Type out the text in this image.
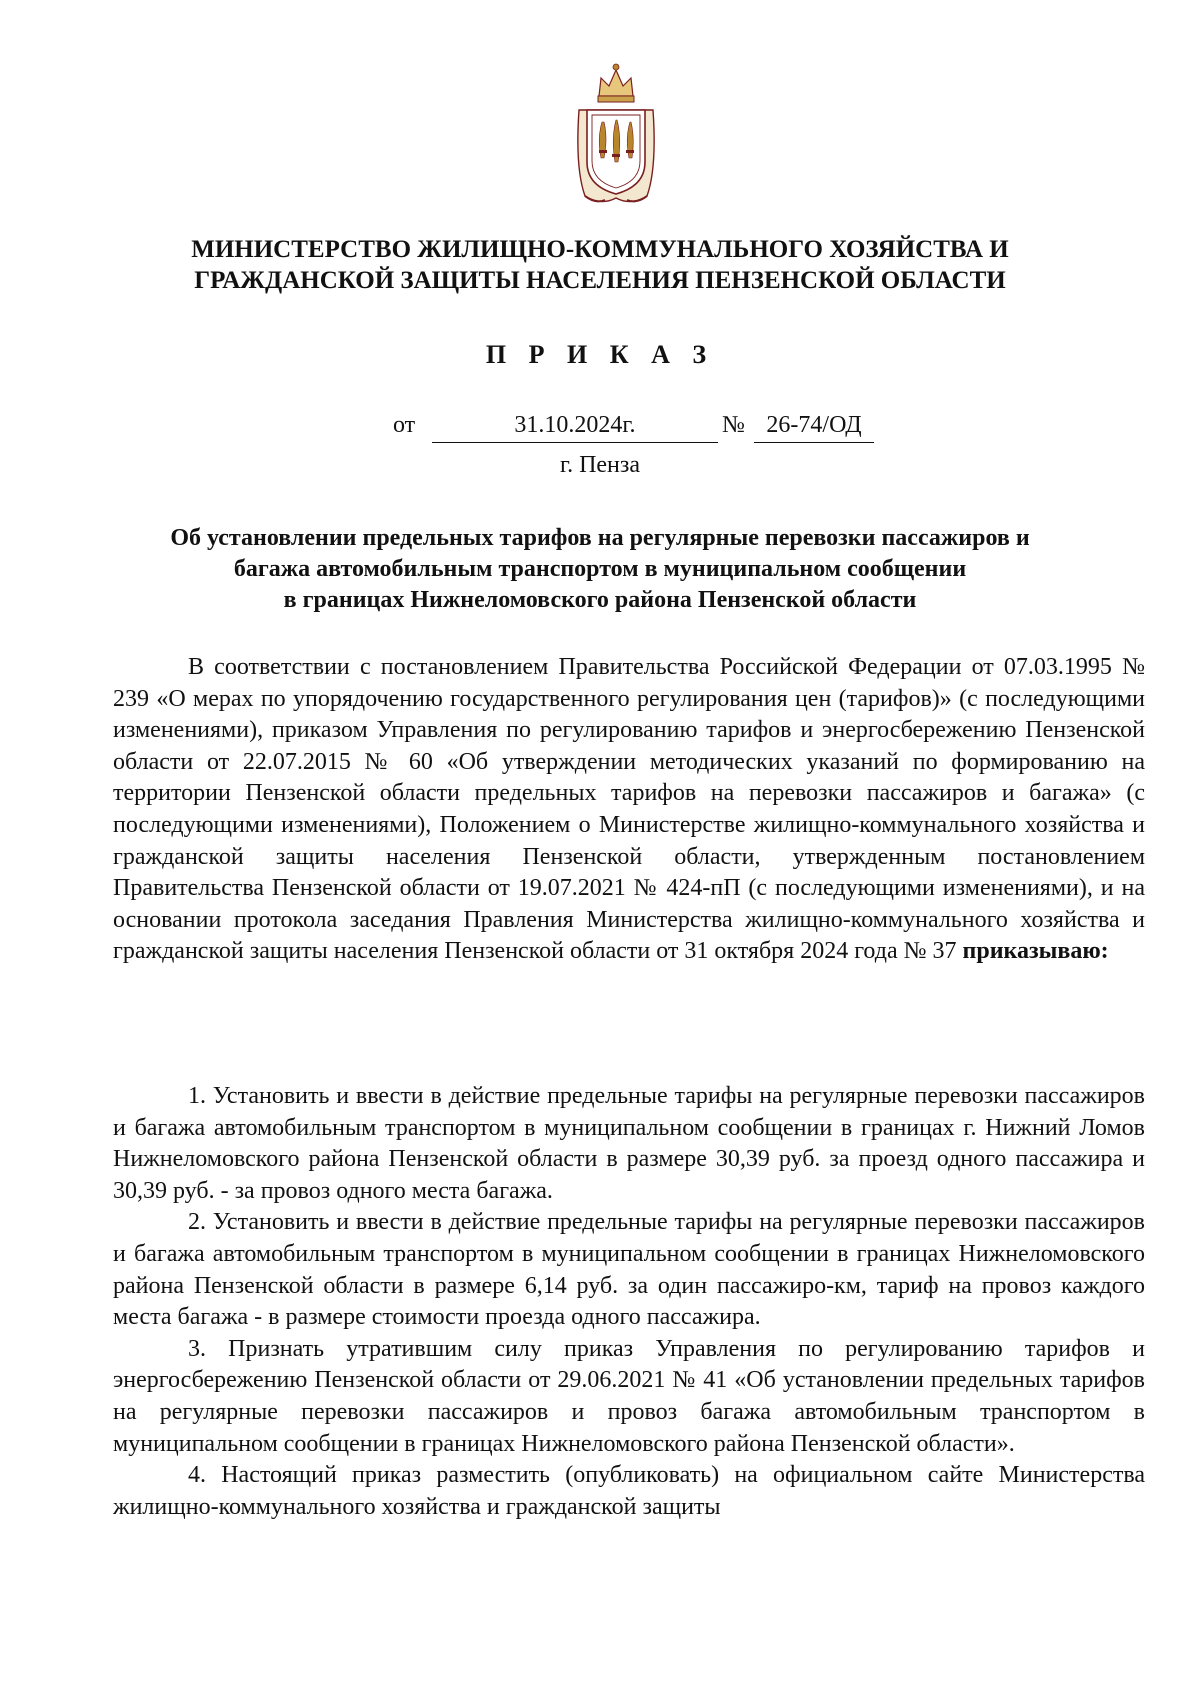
МИНИСТЕРСТВО ЖИЛИЩНО-КОММУНАЛЬНОГО ХОЗЯЙСТВА И
ГРАЖДАНСКОЙ ЗАЩИТЫ НАСЕЛЕНИЯ ПЕНЗЕНСКОЙ ОБЛАСТИ
П Р И К А З
от	31.10.2024г.	№ 26-74/ОД
г. Пенза
Об установлении предельных тарифов на регулярные перевозки пассажиров и
багажа автомобильным транспортом в муниципальном сообщении
в границах Нижнеломовского района Пензенской области

В соответствии с постановлением Правительства Российской Федерации от 07.03.1995 № 239 «О мерах по упорядочению государственного регулирования цен (тарифов)» (с последующими изменениями), приказом Управления по регулированию тарифов и энергосбережению Пензенской области от 22.07.2015 № 60 «Об утверждении методических указаний по формированию на территории Пензенской области предельных тарифов на перевозки пассажиров и багажа» (с последующими изменениями), Положением о Министерстве жилищно-коммунального хозяйства и гражданской защиты населения Пензенской области, утвержденным постановлением Правительства Пензенской области от 19.07.2021 № 424-пП (с последующими изменениями), и на основании протокола заседания Правления Министерства жилищно-коммунального хозяйства и гражданской защиты населения Пензенской области от 31 октября 2024 года № 37 приказываю:

1. Установить и ввести в действие предельные тарифы на регулярные перевозки пассажиров и багажа автомобильным транспортом в муниципальном сообщении в границах г. Нижний Ломов Нижнеломовского района Пензенской области в размере 30,39 руб. за проезд одного пассажира и 30,39 руб. - за провоз одного места багажа.

2. Установить и ввести в действие предельные тарифы на регулярные перевозки пассажиров и багажа автомобильным транспортом в муниципальном сообщении в границах Нижнеломовского района Пензенской области в размере 6,14 руб. за один пассажиро-км, тариф на провоз каждого места багажа - в размере стоимости проезда одного пассажира.

3. Признать утратившим силу приказ Управления по регулированию тарифов и энергосбережению Пензенской области от 29.06.2021 № 41 «Об установлении предельных тарифов на регулярные перевозки пассажиров и провоз багажа автомобильным транспортом в муниципальном сообщении в границах Нижнеломовского района Пензенской области».

4. Настоящий приказ разместить (опубликовать) на официальном сайте Министерства жилищно-коммунального хозяйства и гражданской защиты
